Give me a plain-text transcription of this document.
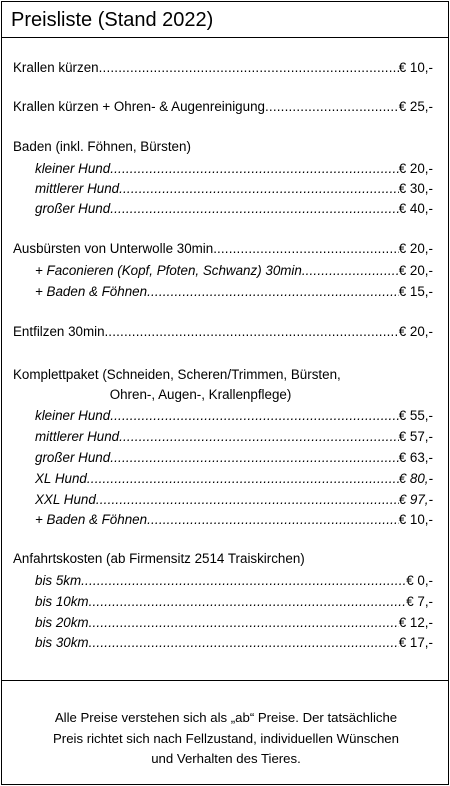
Preisliste (Stand 2022)
Krallen kürzen .....	€ 10,-
Krallen kürzen + Ohren- & Augenreinigung .....	€ 25,-
Baden (inkl. Föhnen, Bürsten)
kleiner Hund .....	€ 20,-
mittlerer Hund .....	€ 30,-
großer Hund .....	€ 40,-
Ausbürsten von Unterwolle 30min. .....	€ 20,-
+ Faconieren (Kopf, Pfoten, Schwanz) 30min. .....	€ 20,-
+ Baden & Föhnen .....	€ 15,-
Entfilzen 30min. .....	€ 20,-
Komplettpaket (Schneiden, Scheren/Trimmen, Bürsten,
Ohren-, Augen-, Krallenpflege)
kleiner Hund .....	€ 55,-
mittlerer Hund .....	€ 57,-
großer Hund .....	€ 63,-
XL Hund .....	€ 80,-
XXL Hund .....	€ 97,-
+ Baden & Föhnen .....	€ 10,-
Anfahrtskosten (ab Firmensitz 2514 Traiskirchen)
bis 5km .....	€ 0,-
bis 10km .....	€ 7,-
bis 20km .....	€ 12,-
bis 30km .....	€ 17,-
Alle Preise verstehen sich als „ab“ Preise. Der tatsächliche
Preis richtet sich nach Fellzustand, individuellen Wünschen
und Verhalten des Tieres.
